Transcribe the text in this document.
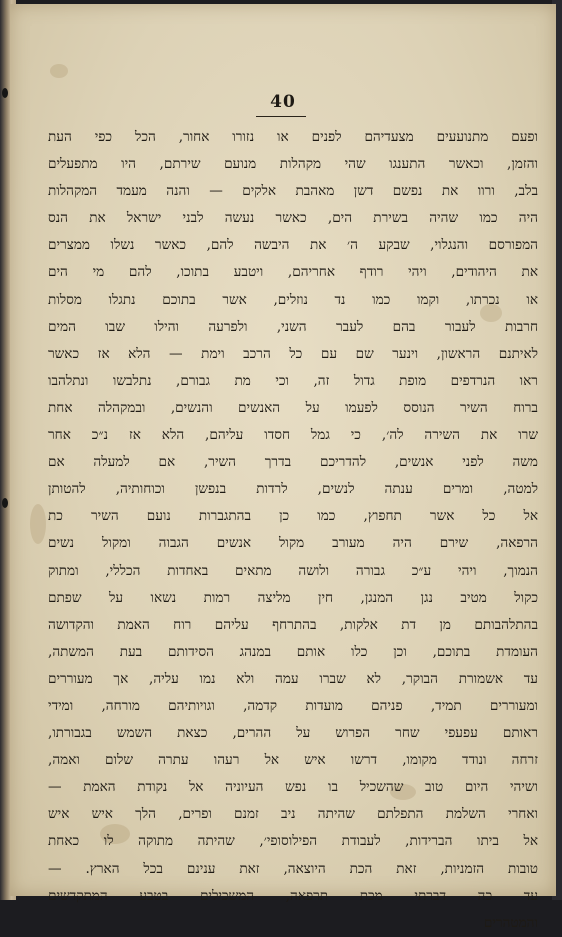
40
ופעם מתנועעים מצעדיהם לפנים או נזורו אחור, הכל כפי העת
והזמן, וכאשר התענגו שהי מקהלות מנועם שירתם, היו מתפעלים
בלב, ורוו את נפשם דשן מאהבת אלקים — והנה מעמד המקהלות
היה כמו שהיה בשירת הים, כאשר נעשה לבני ישראל את הנס
המפורסם והנגלוי, שבקע ה׳ את היבשה להם, כאשר נשלו ממצרים
את היהודים, ויהי רודף אחריהם, ויטבע בתוכו, להם מי הים
או נכרתו, וקמו כמו נד נוזלים, אשר בתוכם נתגלו מסלות
חרבות לעבור בהם לעבר השני, ולפרעה והילו שבו המים
לאיתנם הראשון, וינער שם עם כל הרכב וימת — הלא אז כאשר
ראו הנרדפים מופת גדול זה, וכי מת גבורם, נתלבשו ונתלהבו
ברוח השיר הנוסס לפעמו על האנשים והנשים, ובמקהלה אחת
שרו את השירה לה׳, כי גמל חסדו עליהם, הלא אז נ״כ אחר
משה לפני אנשים, להדריכם בדרך השיר, אם למעלה אם
למטה, ומרים ענתה לנשים, לרדות בנפשן וכוחותיה, להטותן
אל כל אשר תחפוץ, כמו כן בהתגברות נועם השיר כת
הרפאה, שירם היה מעורב מקול אנשים הגבוה ומקול נשים
הנמוך, ויהי ע״כ גבורה ולושה מתאים באחדות הכללי, ומתוק
כקול מטיב נגן המנגן, חין מליצה רמות נשאו על שפתם
בהתלהבותם מן דת אלקות, בהתרחף עליהם רוח האמת והקדושה
העומדת בתוכם, וכן כלו אותם במנהג הסידותם בעת המשתה,
עד אשמורת הבוקר, לא שברו עמה ולא נמו עליה, אך מעוררים
ומעוררים תמיד, פניהם מועדות קדמה, וגויותיהם מורחה, ומידי
ראותם עפעפי שחר הפרוש על ההרים, כצאת השמש בגבורתו,
זרחה ונודד מקומו, דרשו איש אל רעהו עתרה שלום ואמה,
ושיהי היום טוב שהשכיל בו נפש העיוניה אל נקודת האמת —
ואחרי השלמת התפלתם שהיתה ניב זמנם ופרים, הלך איש איש
אל ביתו הברידות, לעבודת הפילוסופי׳, שהיתה מתוקה לו כאחת
טובות הזמניות, זאת הכת היוצאה, זאת ענינם בכל הארץ. —
עד כה דברתי מכת תרפאה, המשכילים בטבע המתקדשים
והמטהרים
